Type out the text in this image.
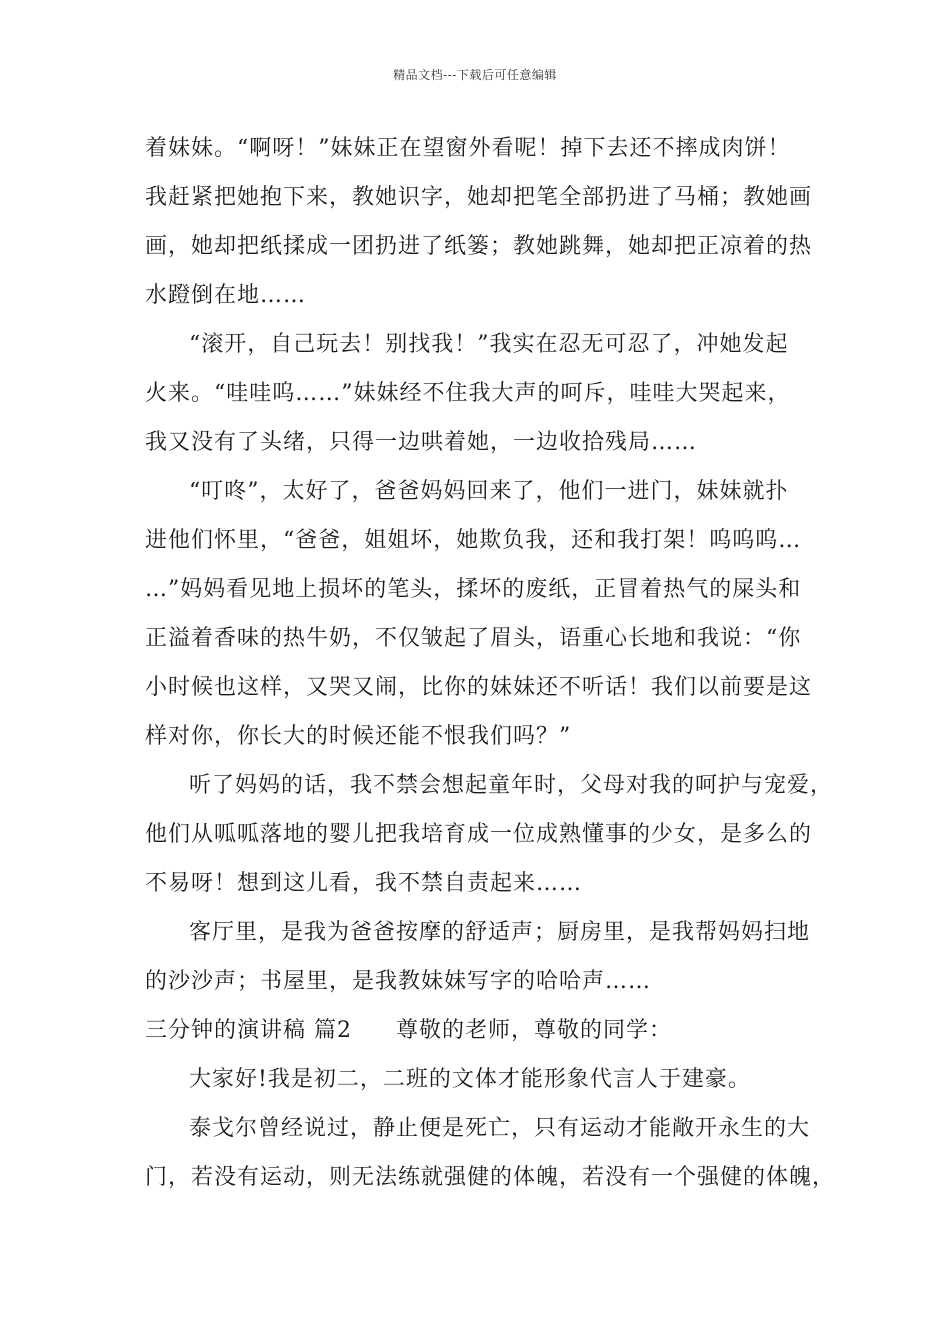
精品文档---下载后可任意编辑
着妹妹。“啊呀！”妹妹正在望窗外看呢！掉下去还不摔成肉饼！
我赶紧把她抱下来，教她识字，她却把笔全部扔进了马桶；教她画
画，她却把纸揉成一团扔进了纸篓；教她跳舞，她却把正凉着的热
水蹬倒在地……
“滚开，自己玩去！别找我！”我实在忍无可忍了，冲她发起
火来。“哇哇呜……”妹妹经不住我大声的呵斥，哇哇大哭起来，
我又没有了头绪，只得一边哄着她，一边收拾残局……
“叮咚”，太好了，爸爸妈妈回来了，他们一进门，妹妹就扑
进他们怀里，“爸爸，姐姐坏，她欺负我，还和我打架！呜呜呜…
…”妈妈看见地上损坏的笔头，揉坏的废纸，正冒着热气的屎头和
正溢着香味的热牛奶，不仅皱起了眉头，语重心长地和我说：“你
小时候也这样，又哭又闹，比你的妹妹还不听话！我们以前要是这
样对你，你长大的时候还能不恨我们吗？”
听了妈妈的话，我不禁会想起童年时，父母对我的呵护与宠爱，
他们从呱呱落地的婴儿把我培育成一位成熟懂事的少女，是多么的
不易呀！想到这儿看，我不禁自责起来……
客厅里，是我为爸爸按摩的舒适声；厨房里，是我帮妈妈扫地
的沙沙声；书屋里，是我教妹妹写字的哈哈声……
三分钟的演讲稿 篇2 尊敬的老师，尊敬的同学：
大家好!我是初二，二班的文体才能形象代言人于建豪。
泰戈尔曾经说过，静止便是死亡，只有运动才能敞开永生的大
门，若没有运动，则无法练就强健的体魄，若没有一个强健的体魄，
